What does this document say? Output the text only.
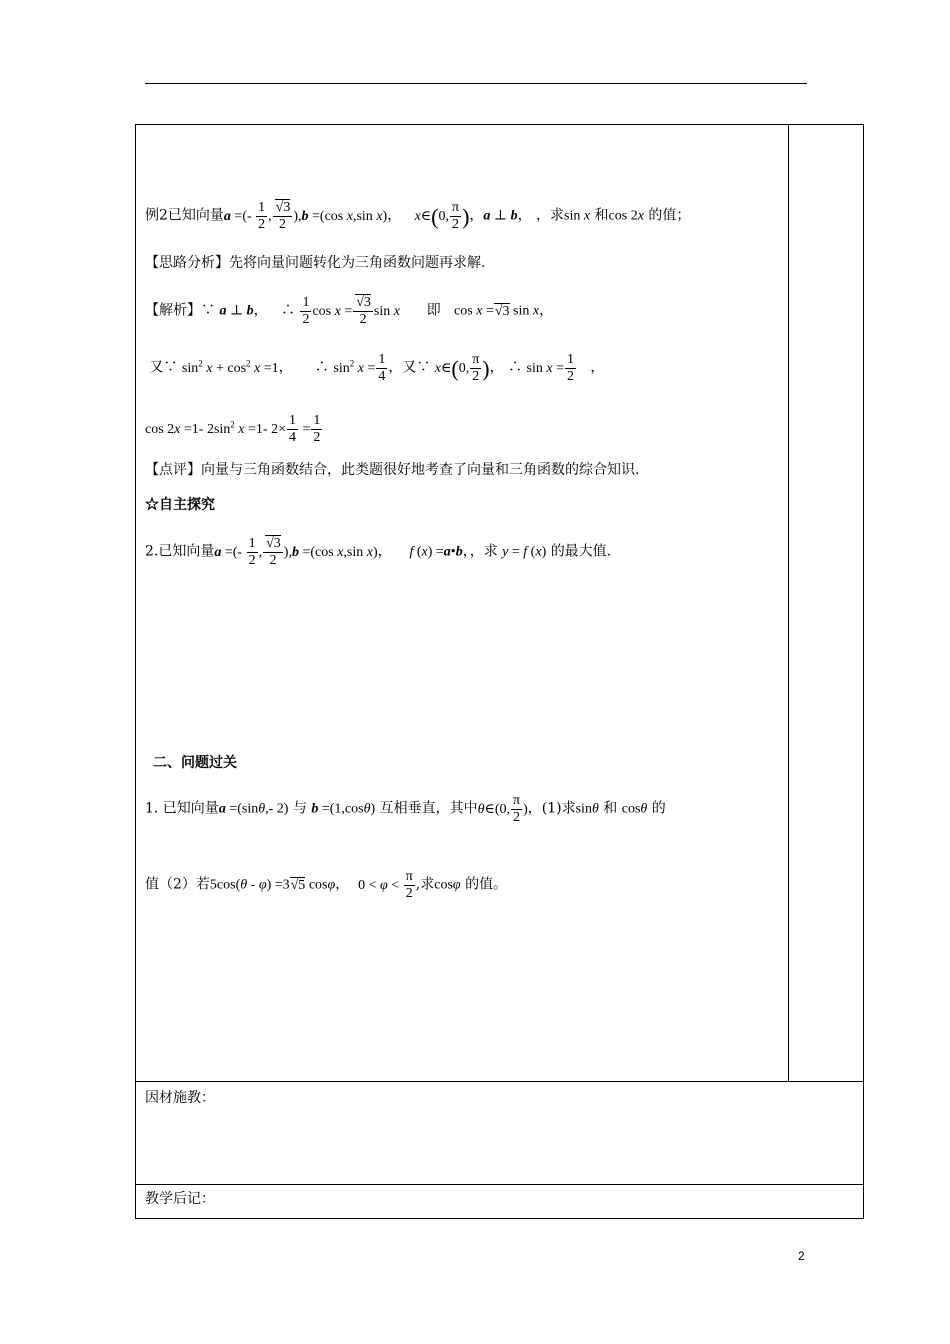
例2已知向量a =(- $\frac{1}{2}$ , $\frac{√3}{2} ),b =(\cos$ x,sin x)，   x∈(0, $\frac{\pi}{2}$ )，a ⊥ b， ，求sin x 和cos 2x 的值；
【思路分析】先将向量问题转化为三角函数问题再求解.
【解析】∵ a ⊥ b，   ∴ $\frac{1}{2}$ $\cos x = \frac{√3}{2}$ sin x 即 cos x =√3 sin x，
又∵ $\sin^2 x + \cos^2 x =1$，     ∴ $\sin^2 x = \frac{1}{4}$ ，又∵ x∈(0, $\frac{\pi}{2}$ )， ∴ $\sin x = \frac{1}{2}$ ，
cos 2x =1- $2\sin^2$ x =1- $2\times \frac{1}{4} = \frac{1}{2}$
【点评】向量与三角函数结合，此类题很好地考查了向量和三角函数的综合知识.
☆自主探究
2.已知向量a =(- $\frac{1}{2}$ , $\frac{√3}{2} ),b =(\cos$ x,sin x)，    f (x) =a•b，，求 y = f (x) 的最大值.
二、问题过关
1. 已知向量a =(sinθ,- 2) 与 b =(1,cosθ) 互相垂直，其中θ∈(0, $\frac{\pi}{2}$ )，(1)求sinθ 和 cosθ 的
值（2）若5cos(θ - φ) =3√5 cosφ，  $0 < \varphi < \frac{\pi}{2}$ ,求cosφ 的值。
因材施教：
教学后记：
2
